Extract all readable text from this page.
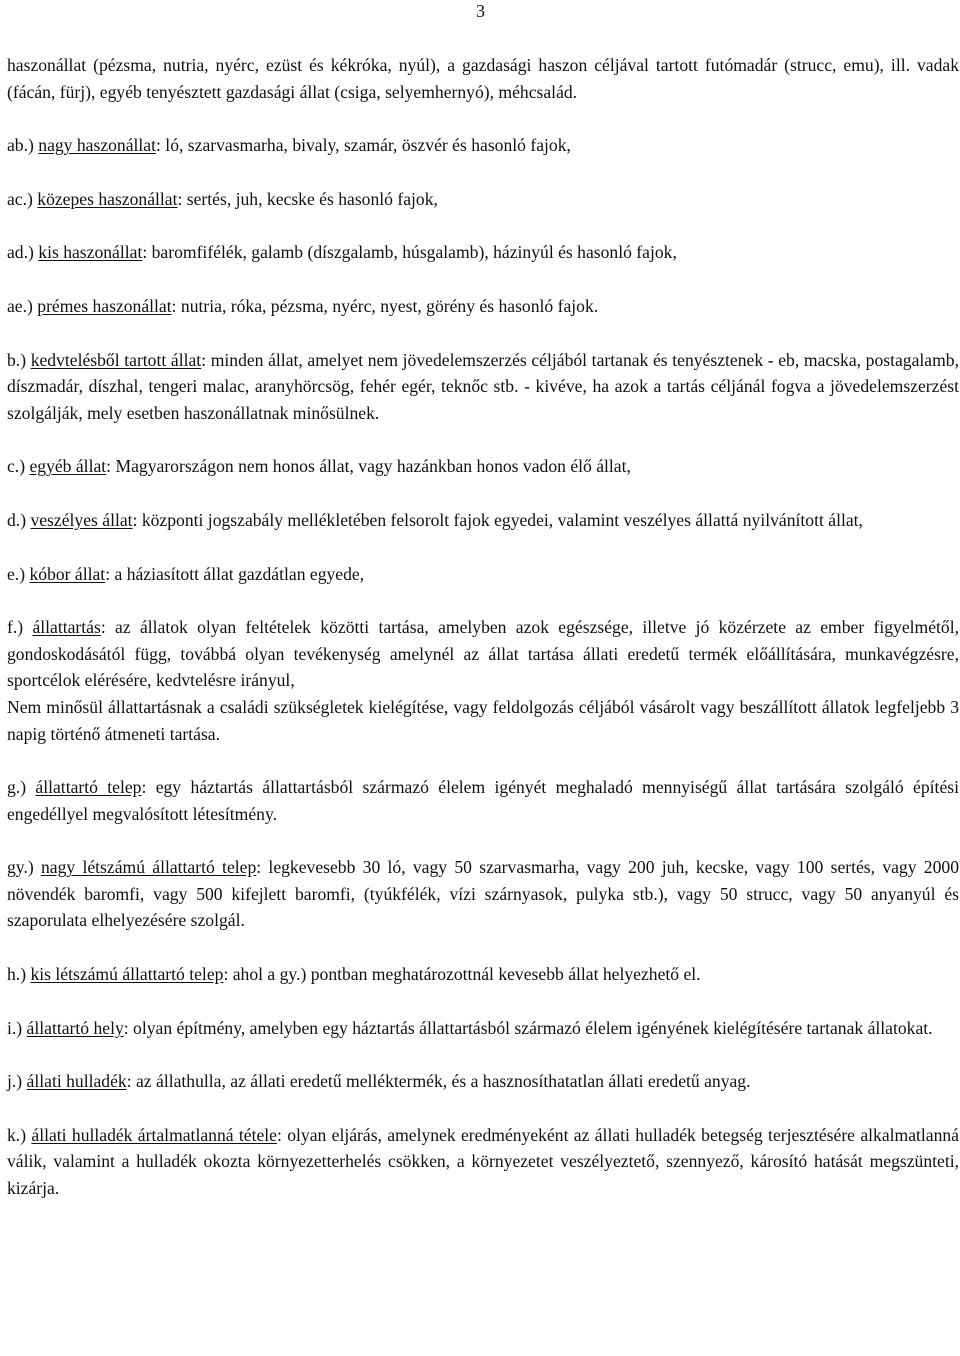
3

haszonállat (pézsma, nutria, nyérc, ezüst és kékróka, nyúl), a gazdasági haszon céljával tartott futómadár (strucc, emu), ill. vadak (fácán, fürj), egyéb tenyésztett gazdasági állat (csiga, selyemhernyó), méhcsalád.

ab.) nagy haszonállat: ló, szarvasmarha, bivaly, szamár, öszvér és hasonló fajok,

ac.) közepes haszonállat: sertés, juh, kecske és hasonló fajok,

ad.) kis haszonállat: baromfifélék, galamb (díszgalamb, húsgalamb), házinyúl és hasonló fajok,

ae.) prémes haszonállat: nutria, róka, pézsma, nyérc, nyest, görény és hasonló fajok.

b.) kedvtelésből tartott állat: minden állat, amelyet nem jövedelemszerzés céljából tartanak és tenyésztenek - eb, macska, postagalamb, díszmadár, díszhal, tengeri malac, aranyhörcsög, fehér egér, teknőc stb. - kivéve, ha azok a tartás céljánál fogva a jövedelemszerzést szolgálják, mely esetben haszonállatnak minősülnek.

c.) egyéb állat: Magyarországon nem honos állat, vagy hazánkban honos vadon élő állat,

d.) veszélyes állat: központi jogszabály mellékletében felsorolt fajok egyedei, valamint veszélyes állattá nyilvánított állat,

e.) kóbor állat: a háziasított állat gazdátlan egyede,

f.) állattartás: az állatok olyan feltételek közötti tartása, amelyben azok egészsége, illetve jó közérzete az ember figyelmétől, gondoskodásától függ, továbbá olyan tevékenység amelynél az állat tartása állati eredetű termék előállítására, munkavégzésre, sportcélok elérésére, kedvtelésre irányul,

Nem minősül állattartásnak a családi szükségletek kielégítése, vagy feldolgozás céljából vásárolt vagy beszállított állatok legfeljebb 3 napig történő átmeneti tartása.

g.) állattartó telep: egy háztartás állattartásból származó élelem igényét meghaladó mennyiségű állat tartására szolgáló építési engedéllyel megvalósított létesítmény.

gy.) nagy létszámú állattartó telep: legkevesebb 30 ló, vagy 50 szarvasmarha, vagy 200 juh, kecske, vagy 100 sertés, vagy 2000 növendék baromfi, vagy 500 kifejlett baromfi, (tyúkfélék, vízi szárnyasok, pulyka stb.), vagy 50 strucc, vagy 50 anyanyúl és szaporulata elhelyezésére szolgál.

h.) kis létszámú állattartó telep: ahol a gy.) pontban meghatározottnál kevesebb állat helyezhető el.

i.) állattartó hely: olyan építmény, amelyben egy háztartás állattartásból származó élelem igényének kielégítésére tartanak állatokat.

j.) állati hulladék: az állathulla, az állati eredetű melléktermék, és a hasznosíthatatlan állati eredetű anyag.

k.) állati hulladék ártalmatlanná tétele: olyan eljárás, amelynek eredményeként az állati hulladék betegség terjesztésére alkalmatlanná válik, valamint a hulladék okozta környezetterhelés csökken, a környezetet veszélyeztető, szennyező, károsító hatását megszünteti, kizárja.
